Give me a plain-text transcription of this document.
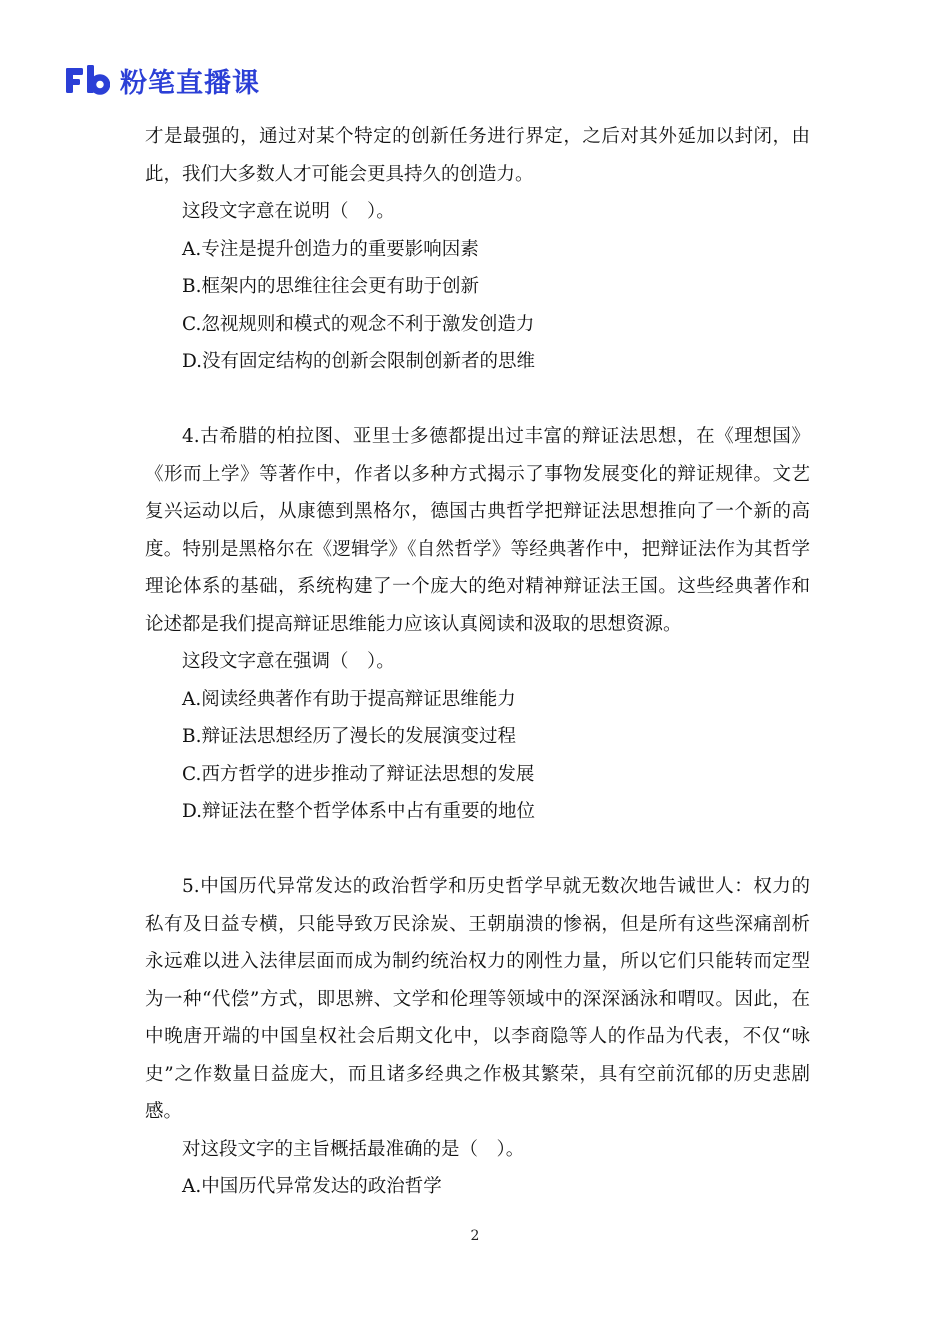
粉笔直播课

才是最强的，通过对某个特定的创新任务进行界定，之后对其外延加以封闭，由此，我们大多数人才可能会更具持久的创造力。

这段文字意在说明（　）。

A.专注是提升创造力的重要影响因素

B.框架内的思维往往会更有助于创新

C.忽视规则和模式的观念不利于激发创造力

D.没有固定结构的创新会限制创新者的思维

4.古希腊的柏拉图、亚里士多德都提出过丰富的辩证法思想，在《理想国》《形而上学》等著作中，作者以多种方式揭示了事物发展变化的辩证规律。文艺复兴运动以后，从康德到黑格尔，德国古典哲学把辩证法思想推向了一个新的高度。特别是黑格尔在《逻辑学》《自然哲学》等经典著作中，把辩证法作为其哲学理论体系的基础，系统构建了一个庞大的绝对精神辩证法王国。这些经典著作和论述都是我们提高辩证思维能力应该认真阅读和汲取的思想资源。

这段文字意在强调（　）。

A.阅读经典著作有助于提高辩证思维能力

B.辩证法思想经历了漫长的发展演变过程

C.西方哲学的进步推动了辩证法思想的发展

D.辩证法在整个哲学体系中占有重要的地位

5.中国历代异常发达的政治哲学和历史哲学早就无数次地告诫世人：权力的私有及日益专横，只能导致万民涂炭、王朝崩溃的惨祸，但是所有这些深痛剖析永远难以进入法律层面而成为制约统治权力的刚性力量，所以它们只能转而定型为一种“代偿”方式，即思辨、文学和伦理等领域中的深深涵泳和喟叹。因此，在中晚唐开端的中国皇权社会后期文化中，以李商隐等人的作品为代表，不仅“咏史”之作数量日益庞大，而且诸多经典之作极其繁荣，具有空前沉郁的历史悲剧感。

对这段文字的主旨概括最准确的是（　）。

A.中国历代异常发达的政治哲学

2
